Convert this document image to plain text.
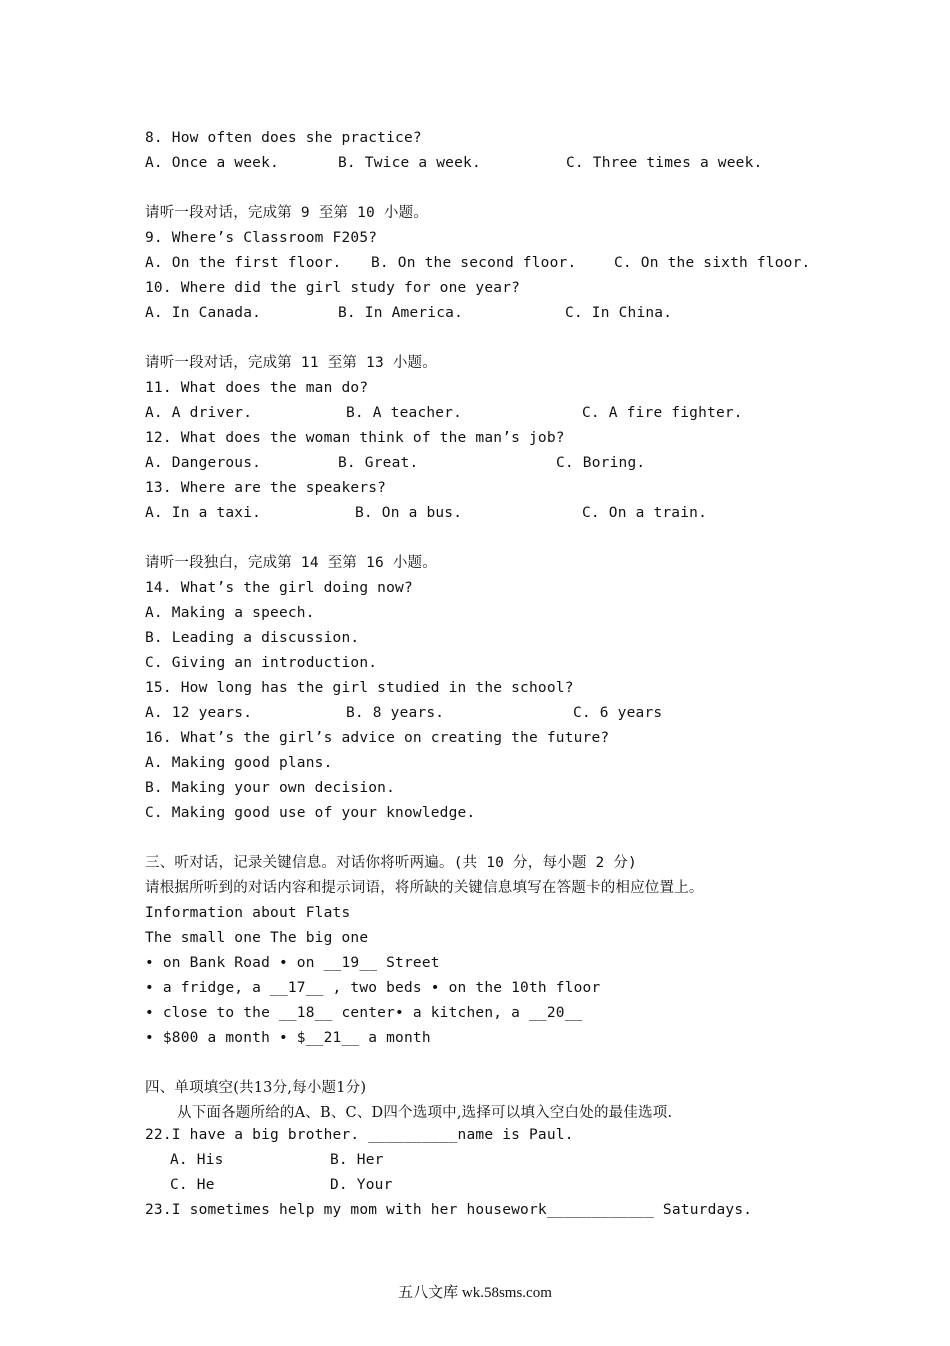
8. How often does she practice?
A. Once a week.	B. Twice a week.	C. Three times a week.
请听一段对话，完成第 9 至第 10 小题。
9. Where’s Classroom F205?
A. On the first floor. B. On the second floor.	C. On the sixth floor.
10. Where did the girl study for one year?
A. In Canada.	B. In America.	C. In China.
请听一段对话，完成第 11 至第 13 小题。
11. What does the man do?
A. A driver.	B. A teacher.	C. A fire fighter.
12. What does the woman think of the man’s job?
A. Dangerous.	B. Great.	C. Boring.
13. Where are the speakers?
A. In a taxi.	B. On a bus.	C. On a train.
请听一段独白，完成第 14 至第 16 小题。
14. What’s the girl doing now?
A. Making a speech.
B. Leading a discussion.
C. Giving an introduction.
15. How long has the girl studied in the school?
A. 12 years.	B. 8 years.	C. 6 years
16. What’s the girl’s advice on creating the future?
A. Making good plans.
B. Making your own decision.
C. Making good use of your knowledge.
三、听对话，记录关键信息。对话你将听两遍。(共 10 分，每小题 2 分)
请根据所听到的对话内容和提示词语，将所缺的关键信息填写在答题卡的相应位置上。
Information about Flats
The small one The big one
• on Bank Road • on __19__ Street
• a fridge, a __17__ , two beds • on the 10th floor
• close to the __18__ center• a kitchen, a __20__
• $800 a month • $__21__ a month
四、单项填空(共13分,每小题1分)
从下面各题所给的A、B、C、D四个选项中,选择可以填入空白处的最佳选项.
22.I have a big brother. __________name is Paul.
A. His	B. Her
C. He	D. Your
23.I sometimes help my mom with her housework____________ Saturdays.
五八文库 wk.58sms.com
